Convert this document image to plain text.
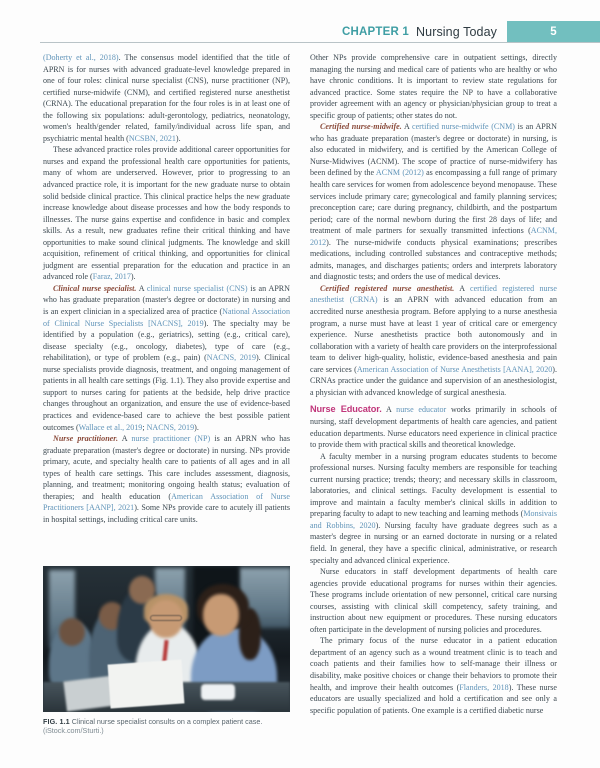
CHAPTER 1 Nursing Today	5

(Doherty et al., 2018). The consensus model identified that the title of APRN is for nurses with advanced graduate-level knowledge prepared in one of four roles: clinical nurse specialist (CNS), nurse practitioner (NP), certified nurse-midwife (CNM), and certified registered nurse anesthetist (CRNA). The educational preparation for the four roles is in at least one of the following six populations: adult-gerontology, pediatrics, neonatology, women's health/gender related, family/individual across life span, and psychiatric mental health (NCSBN, 2021).

These advanced practice roles provide additional career opportunities for nurses and expand the professional health care opportunities for patients, many of whom are underserved. However, prior to progressing to an advanced practice role, it is important for the new graduate nurse to obtain solid bedside clinical practice. This clinical practice helps the new graduate increase knowledge about disease processes and how the body responds to illnesses. The nurse gains expertise and confidence in basic and complex skills. As a result, new graduates refine their critical thinking and have opportunities to make sound clinical judgments. The knowledge and skill acquisition, refinement of critical thinking, and opportunities for clinical judgment are essential preparation for the education and practice in an advanced role (Faraz, 2017).

Clinical nurse specialist. A clinical nurse specialist (CNS) is an APRN who has graduate preparation (master's degree or doctorate) in nursing and is an expert clinician in a specialized area of practice (National Association of Clinical Nurse Specialists [NACNS], 2019). The specialty may be identified by a population (e.g., geriatrics), setting (e.g., critical care), disease specialty (e.g., oncology, diabetes), type of care (e.g., rehabilitation), or type of problem (e.g., pain) (NACNS, 2019). Clinical nurse specialists provide diagnosis, treatment, and ongoing management of patients in all health care settings (Fig. 1.1). They also provide expertise and support to nurses caring for patients at the bedside, help drive practice changes throughout an organization, and ensure the use of evidence-based practices and evidence-based care to achieve the best possible patient outcomes (Wallace et al., 2019; NACNS, 2019).

Nurse practitioner. A nurse practitioner (NP) is an APRN who has graduate preparation (master's degree or doctorate) in nursing. NPs provide primary, acute, and specialty health care to patients of all ages and in all types of health care settings. This care includes assessment, diagnosis, planning, and treatment; monitoring ongoing health status; evaluation of therapies; and health education (American Association of Nurse Practitioners [AANP], 2021). Some NPs provide care to acutely ill patients in hospital settings, including critical care units.

FIG. 1.1 Clinical nurse specialist consults on a complex patient case. (iStock.com/Sturti.)

Other NPs provide comprehensive care in outpatient settings, directly managing the nursing and medical care of patients who are healthy or who have chronic conditions. It is important to review state regulations for advanced practice. Some states require the NP to have a collaborative provider agreement with an agency or physician/physician group to treat a specific group of patients; other states do not.

Certified nurse-midwife. A certified nurse-midwife (CNM) is an APRN who has graduate preparation (master's degree or doctorate) in nursing, is also educated in midwifery, and is certified by the American College of Nurse-Midwives (ACNM). The scope of practice of nurse-midwifery has been defined by the ACNM (2012) as encompassing a full range of primary health care services for women from adolescence beyond menopause. These services include primary care; gynecological and family planning services; preconception care; care during pregnancy, childbirth, and the postpartum period; care of the normal newborn during the first 28 days of life; and treatment of male partners for sexually transmitted infections (ACNM, 2012). The nurse-midwife conducts physical examinations; prescribes medications, including controlled substances and contraceptive methods; admits, manages, and discharges patients; orders and interprets laboratory and diagnostic tests; and orders the use of medical devices.

Certified registered nurse anesthetist. A certified registered nurse anesthetist (CRNA) is an APRN with advanced education from an accredited nurse anesthesia program. Before applying to a nurse anesthesia program, a nurse must have at least 1 year of critical care or emergency experience. Nurse anesthetists practice both autonomously and in collaboration with a variety of health care providers on the interprofessional team to deliver high-quality, holistic, evidence-based anesthesia and pain care services (American Association of Nurse Anesthetists [AANA], 2020). CRNAs practice under the guidance and supervision of an anesthesiologist, a physician with advanced knowledge of surgical anesthesia.

Nurse Educator. A nurse educator works primarily in schools of nursing, staff development departments of health care agencies, and patient education departments. Nurse educators need experience in clinical practice to provide them with practical skills and theoretical knowledge.

A faculty member in a nursing program educates students to become professional nurses. Nursing faculty members are responsible for teaching current nursing practice; trends; theory; and necessary skills in classroom, laboratories, and clinical settings. Faculty development is essential to improve and maintain a faculty member's clinical skills in addition to preparing faculty to adapt to new teaching and learning methods (Monsivais and Robbins, 2020). Nursing faculty have graduate degrees such as a master's degree in nursing or an earned doctorate in nursing or a related field. In general, they have a specific clinical, administrative, or research specialty and advanced clinical experience.

Nurse educators in staff development departments of health care agencies provide educational programs for nurses within their agencies. These programs include orientation of new personnel, critical care nursing courses, assisting with clinical skill competency, safety training, and instruction about new equipment or procedures. These nursing educators often participate in the development of nursing policies and procedures.

The primary focus of the nurse educator in a patient education department of an agency such as a wound treatment clinic is to teach and coach patients and their families how to self-manage their illness or disability, make positive choices or change their behaviors to promote their health, and improve their health outcomes (Flanders, 2018). These nurse educators are usually specialized and hold a certification and see only a specific population of patients. One example is a certified diabetic nurse
